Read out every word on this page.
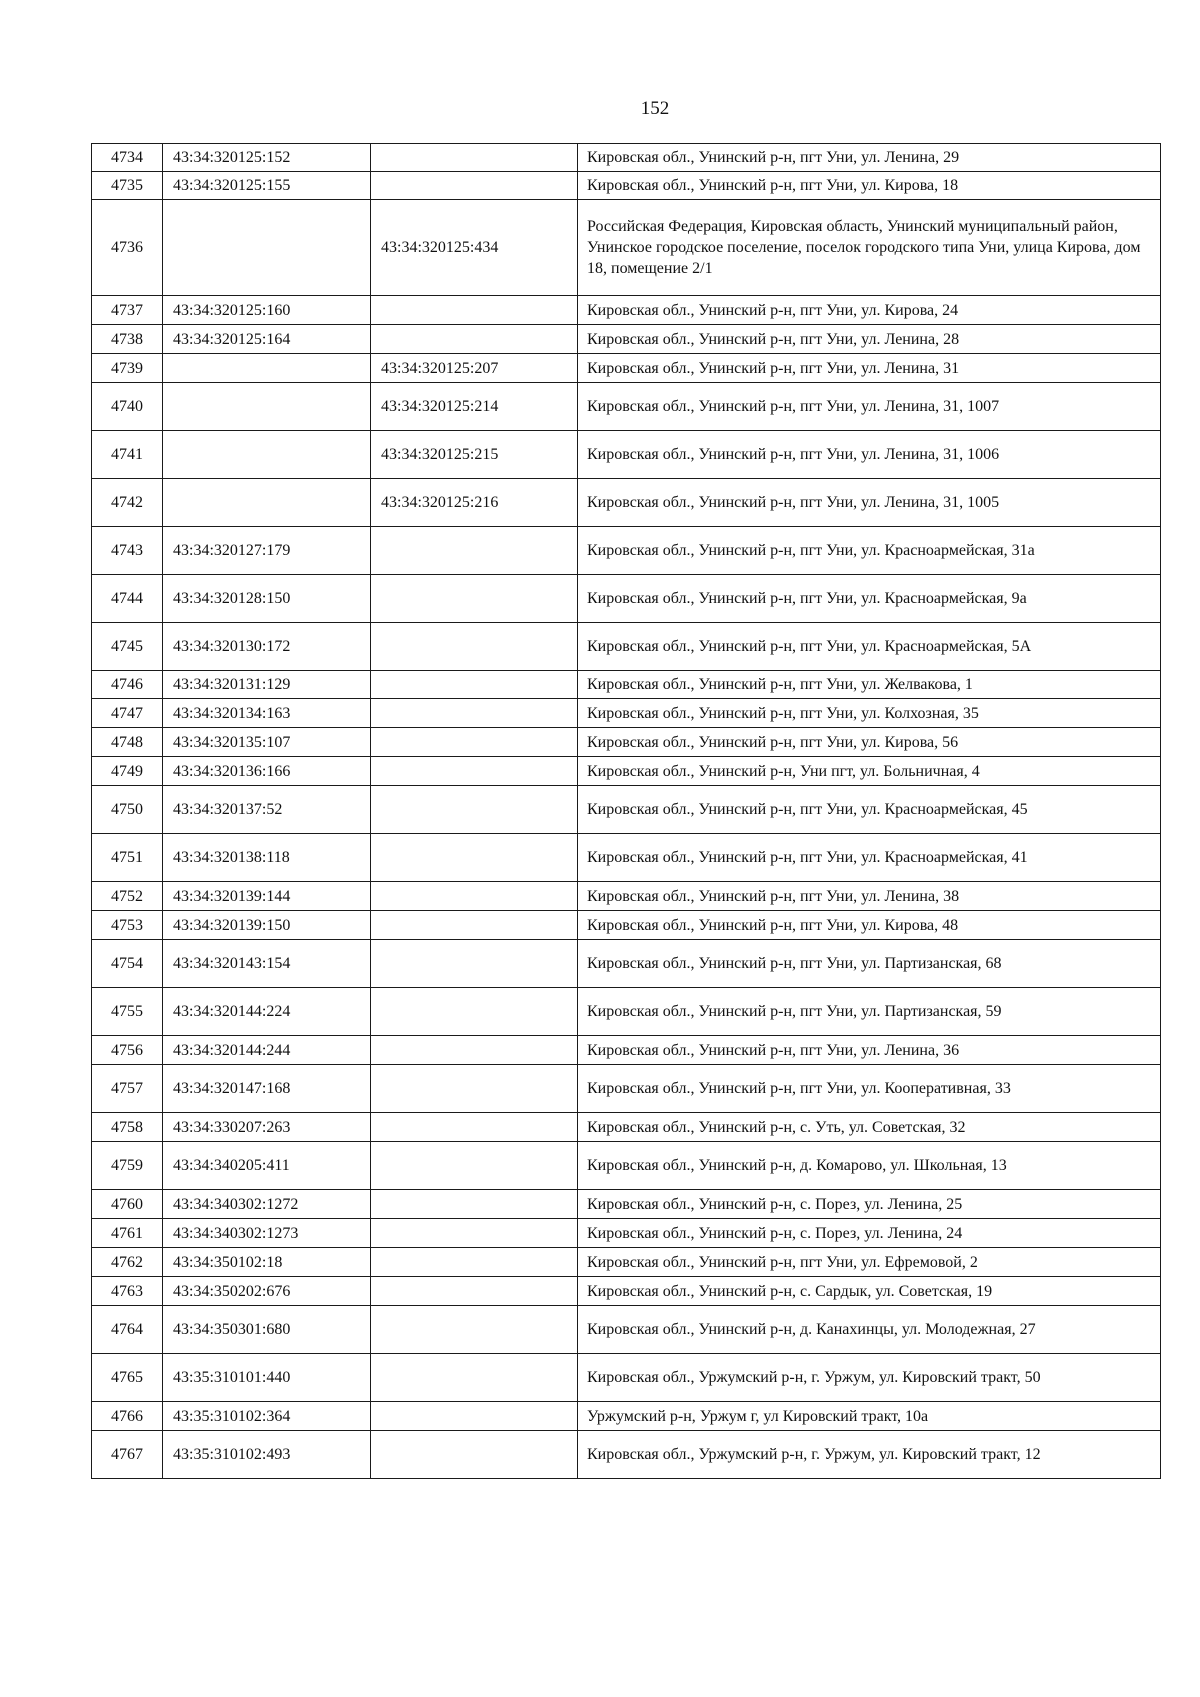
152
4734	43:34:320125:152		Кировская обл., Унинский р-н, пгт Уни, ул. Ленина, 29
4735	43:34:320125:155		Кировская обл., Унинский р-н, пгт Уни, ул. Кирова, 18
4736		43:34:320125:434	Российская Федерация, Кировская область, Унинский муниципальный район, Унинское городское поселение, поселок городского типа Уни, улица Кирова, дом 18, помещение 2/1
4737	43:34:320125:160		Кировская обл., Унинский р-н, пгт Уни, ул. Кирова, 24
4738	43:34:320125:164		Кировская обл., Унинский р-н, пгт Уни, ул. Ленина, 28
4739		43:34:320125:207	Кировская обл., Унинский р-н, пгт Уни, ул. Ленина, 31
4740		43:34:320125:214	Кировская обл., Унинский р-н, пгт Уни, ул. Ленина, 31, 1007
4741		43:34:320125:215	Кировская обл., Унинский р-н, пгт Уни, ул. Ленина, 31, 1006
4742		43:34:320125:216	Кировская обл., Унинский р-н, пгт Уни, ул. Ленина, 31, 1005
4743	43:34:320127:179		Кировская обл., Унинский р-н, пгт Уни, ул. Красноармейская, 31а
4744	43:34:320128:150		Кировская обл., Унинский р-н, пгт Уни, ул. Красноармейская, 9а
4745	43:34:320130:172		Кировская обл., Унинский р-н, пгт Уни, ул. Красноармейская, 5А
4746	43:34:320131:129		Кировская обл., Унинский р-н, пгт Уни, ул. Желвакова, 1
4747	43:34:320134:163		Кировская обл., Унинский р-н, пгт Уни, ул. Колхозная, 35
4748	43:34:320135:107		Кировская обл., Унинский р-н, пгт Уни, ул. Кирова, 56
4749	43:34:320136:166		Кировская обл., Унинский р-н, Уни пгт, ул. Больничная, 4
4750	43:34:320137:52		Кировская обл., Унинский р-н, пгт Уни, ул. Красноармейская, 45
4751	43:34:320138:118		Кировская обл., Унинский р-н, пгт Уни, ул. Красноармейская, 41
4752	43:34:320139:144		Кировская обл., Унинский р-н, пгт Уни, ул. Ленина, 38
4753	43:34:320139:150		Кировская обл., Унинский р-н, пгт Уни, ул. Кирова, 48
4754	43:34:320143:154		Кировская обл., Унинский р-н, пгт Уни, ул. Партизанская, 68
4755	43:34:320144:224		Кировская обл., Унинский р-н, пгт Уни, ул. Партизанская, 59
4756	43:34:320144:244		Кировская обл., Унинский р-н, пгт Уни, ул. Ленина, 36
4757	43:34:320147:168		Кировская обл., Унинский р-н, пгт Уни, ул. Кооперативная, 33
4758	43:34:330207:263		Кировская обл., Унинский р-н, с. Уть, ул. Советская, 32
4759	43:34:340205:411		Кировская обл., Унинский р-н, д. Комарово, ул. Школьная, 13
4760	43:34:340302:1272		Кировская обл., Унинский р-н, с. Порез, ул. Ленина, 25
4761	43:34:340302:1273		Кировская обл., Унинский р-н, с. Порез, ул. Ленина, 24
4762	43:34:350102:18		Кировская обл., Унинский р-н, пгт Уни, ул. Ефремовой, 2
4763	43:34:350202:676		Кировская обл., Унинский р-н, с. Сардык, ул. Советская, 19
4764	43:34:350301:680		Кировская обл., Унинский р-н, д. Канахинцы, ул. Молодежная, 27
4765	43:35:310101:440		Кировская обл., Уржумский р-н, г. Уржум, ул. Кировский тракт, 50
4766	43:35:310102:364		Уржумский р-н, Уржум г, ул Кировский тракт, 10а
4767	43:35:310102:493		Кировская обл., Уржумский р-н, г. Уржум, ул. Кировский тракт, 12
